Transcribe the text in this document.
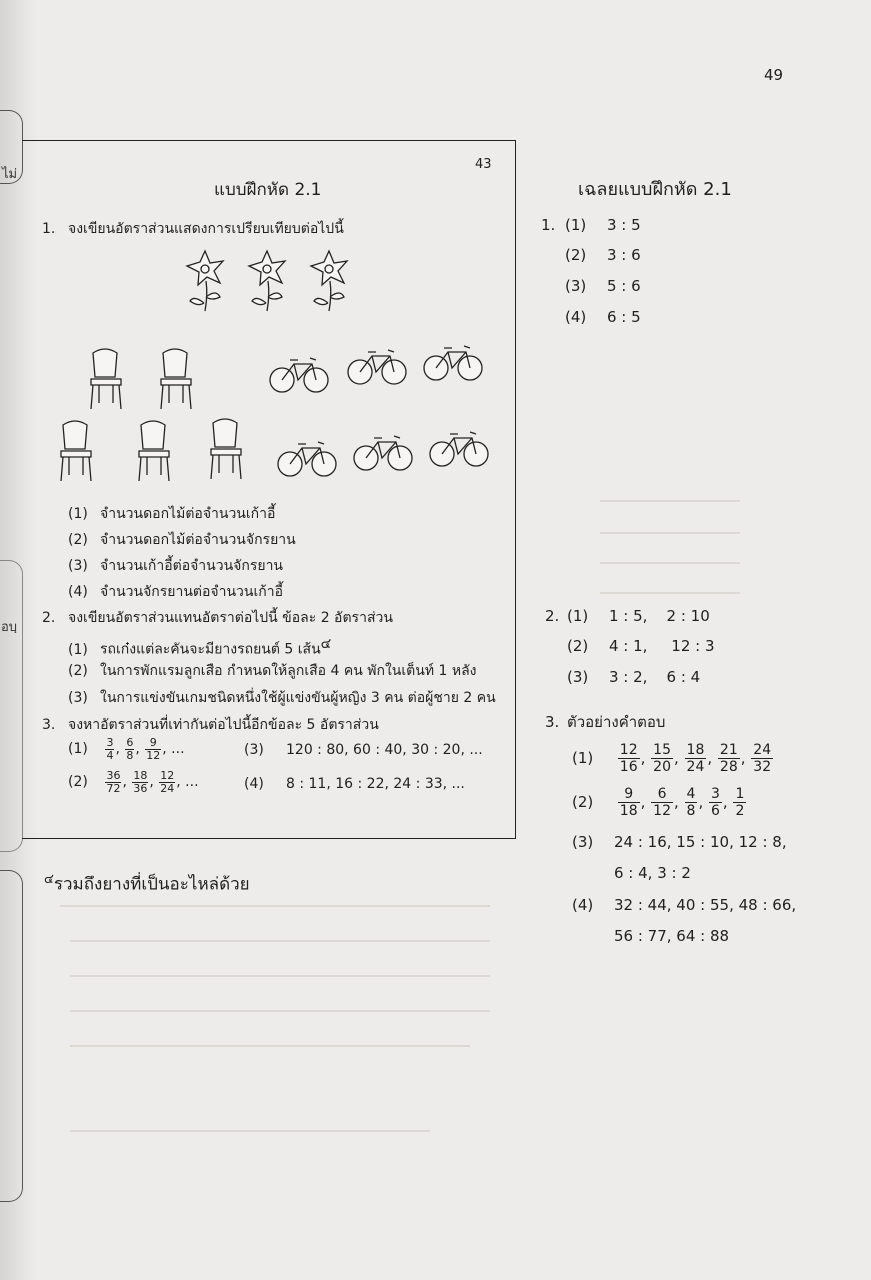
ไม่
อบฺ
49
43
แบบฝึกหัด 2.1
1. จงเขียนอัตราส่วนแสดงการเปรียบเทียบต่อไปนี้
(1) จำนวนดอกไม้ต่อจำนวนเก้าอี้
(2) จำนวนดอกไม้ต่อจำนวนจักรยาน
(3) จำนวนเก้าอี้ต่อจำนวนจักรยาน
(4) จำนวนจักรยานต่อจำนวนเก้าอี้
2. จงเขียนอัตราส่วนแทนอัตราต่อไปนี้ ข้อละ 2 อัตราส่วน
(1) รถเก๋งแต่ละคันจะมียางรถยนต์ 5 เส้น$^๔$
(2) ในการพักแรมลูกเสือ กำหนดให้ลูกเสือ 4 คน พักในเต็นท์ 1 หลัง
(3) ในการแข่งขันเกมชนิดหนึ่งใช้ผู้แข่งขันผู้หญิง 3 คน ต่อผู้ชาย 2 คน
3. จงหาอัตราส่วนที่เท่ากันต่อไปนี้อีกข้อละ 5 อัตราส่วน
$(1) \frac{3}{4}$ , $\frac{6}{8}$ , $\frac{9}{12}$ , ...	(3) 120 : 80, 60 : 40, 30 : 20, ...
$(2) \frac{36}{72}$ , $\frac{18}{36}$ , $\frac{12}{24}$ , ...	(4) 8 : 11, 16 : 22, 24 : 33, ...
$^๔$รวมถึงยางที่เป็นอะไหล่ด้วย
เฉลยแบบฝึกหัด 2.1
1. (1) 3 : 5
(2) 3 : 6
(3) 5 : 6
(4) 6 : 5
2. (1) 1 : 5,    2 : 10
(2) 4 : 1,     12 : 3
(3) 3 : 2,    6 : 4
3. ตัวอย่างคำตอบ
$(1) \frac{12}{16}$ , $\frac{15}{20}$ , $\frac{18}{24}$ , $\frac{21}{28}$ , $\frac{24}{32}$
$(2) \frac{9}{18}$ , $\frac{6}{12}$ , $\frac{4}{8}$ , $\frac{3}{6}$ , $\frac{1}{2}$
(3) 24 : 16, 15 : 10, 12 : 8,
6 : 4, 3 : 2
(4) 32 : 44, 40 : 55, 48 : 66,
56 : 77, 64 : 88
